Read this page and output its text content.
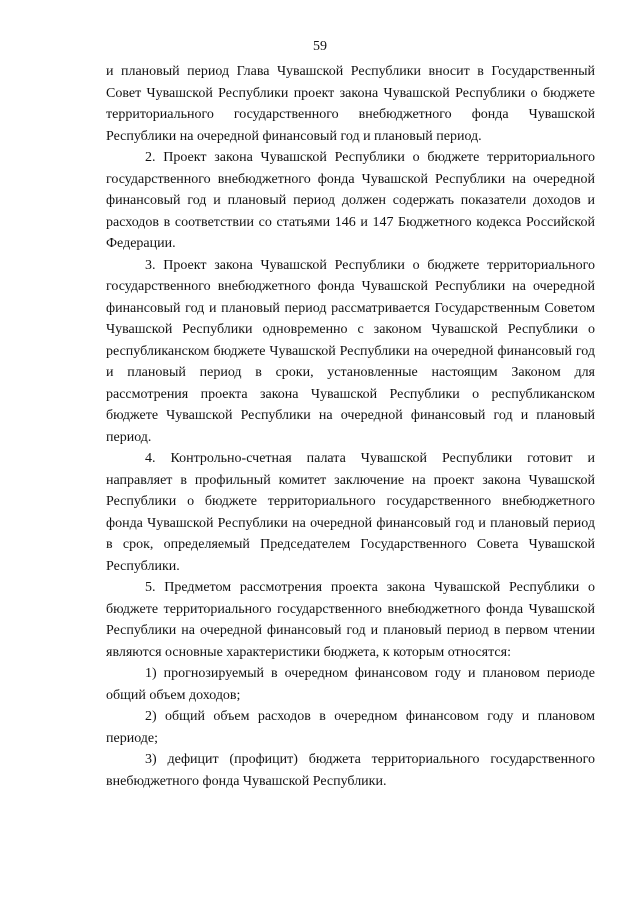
59

и плановый период Глава Чувашской Республики вносит в Государственный Совет Чувашской Республики проект закона Чувашской Республики о бюджете территориального государственного внебюджетного фонда Чувашской Республики на очередной финансовый год и плановый период.

2. Проект закона Чувашской Республики о бюджете территориального государственного внебюджетного фонда Чувашской Республики на очередной финансовый год и плановый период должен содержать показатели доходов и расходов в соответствии со статьями 146 и 147 Бюджетного кодекса Российской Федерации.

3. Проект закона Чувашской Республики о бюджете территориального государственного внебюджетного фонда Чувашской Республики на очередной финансовый год и плановый период рассматривается Государственным Советом Чувашской Республики одновременно с законом Чувашской Республики о республиканском бюджете Чувашской Республики на очередной финансовый год и плановый период в сроки, установленные настоящим Законом для рассмотрения проекта закона Чувашской Республики о республиканском бюджете Чувашской Республики на очередной финансовый год и плановый период.

4. Контрольно-счетная палата Чувашской Республики готовит и направляет в профильный комитет заключение на проект закона Чувашской Республики о бюджете территориального государственного внебюджетного фонда Чувашской Республики на очередной финансовый год и плановый период в срок, определяемый Председателем Государственного Совета Чувашской Республики.

5. Предметом рассмотрения проекта закона Чувашской Республики о бюджете территориального государственного внебюджетного фонда Чувашской Республики на очередной финансовый год и плановый период в первом чтении являются основные характеристики бюджета, к которым относятся:

1) прогнозируемый в очередном финансовом году и плановом периоде общий объем доходов;

2) общий объем расходов в очередном финансовом году и плановом периоде;

3) дефицит (профицит) бюджета территориального государственного внебюджетного фонда Чувашской Республики.
